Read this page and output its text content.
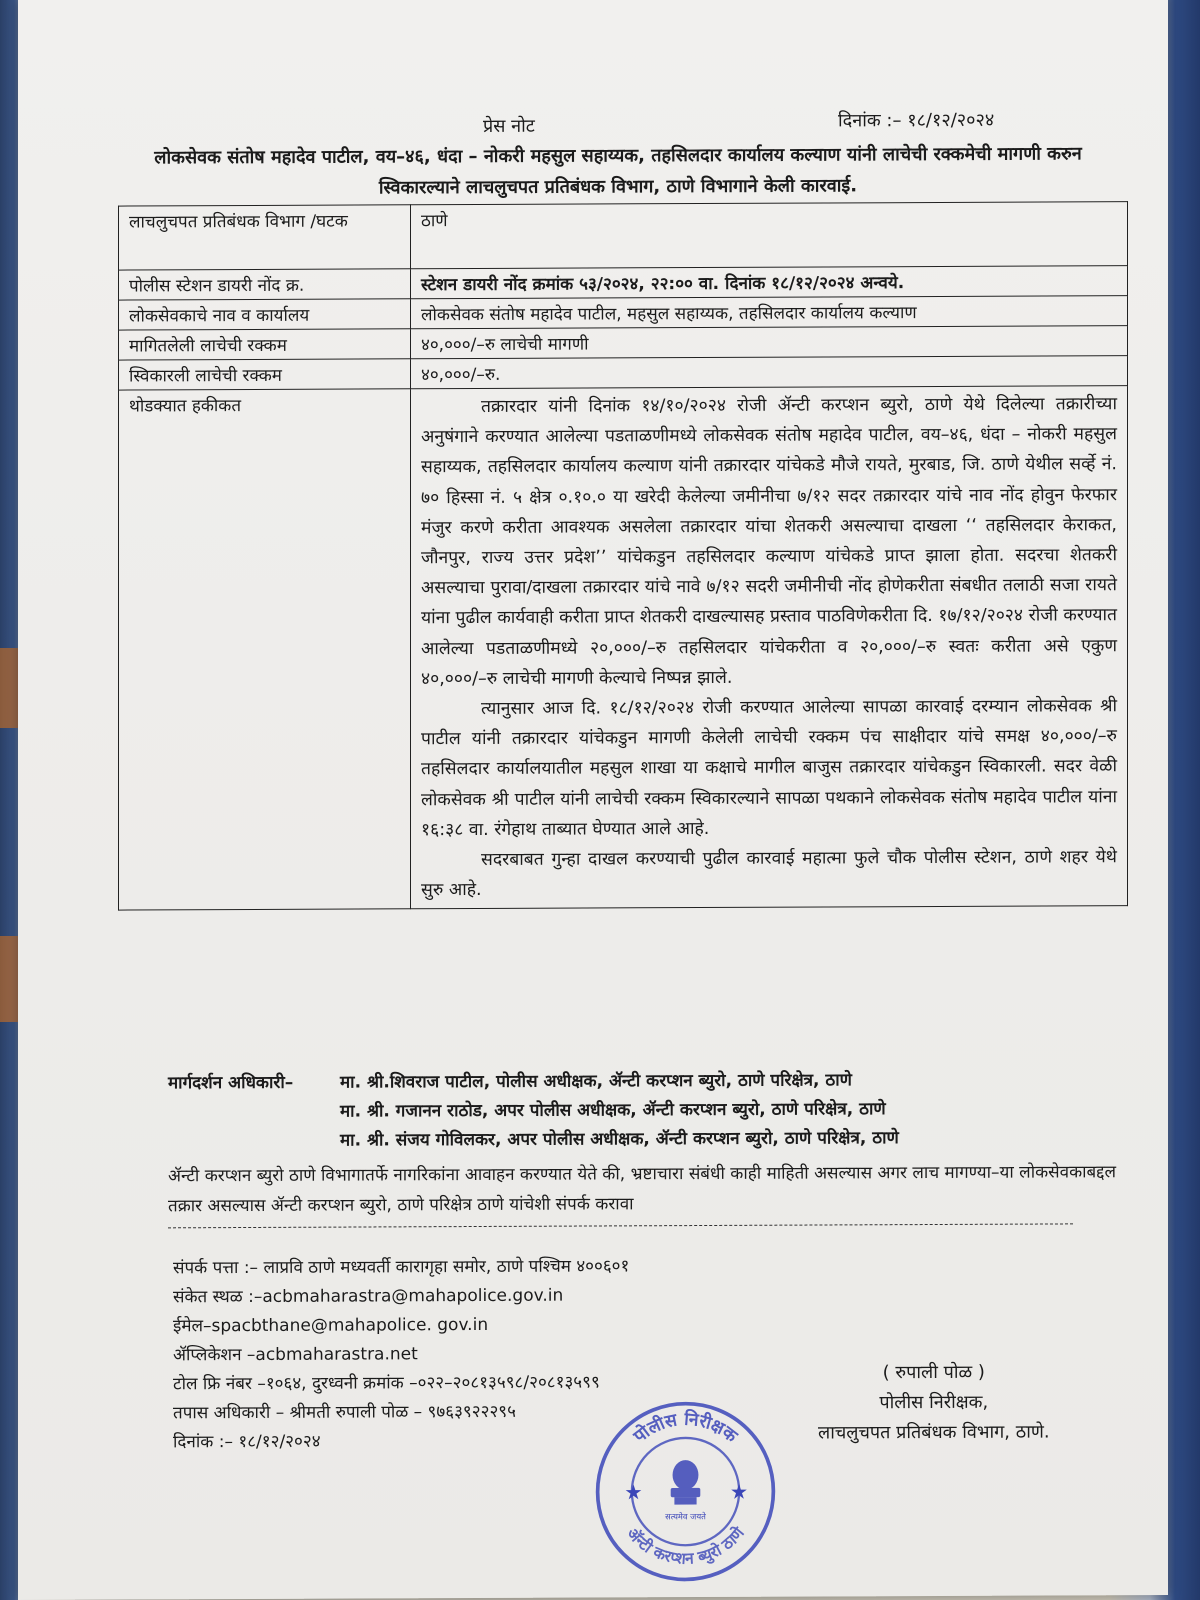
प्रेस नोट	दिनांक :– १८/१२/२०२४
लोकसेवक संतोष महादेव पाटील, वय–४६, धंदा – नोकरी महसुल सहाय्यक, तहसिलदार कार्यालय कल्याण यांनी लाचेची रक्कमेची मागणी करुन स्विकारल्याने लाचलुचपत प्रतिबंधक विभाग, ठाणे विभागाने केली कारवाई.
लाचलुचपत प्रतिबंधक विभाग /घटक	ठाणे
पोलीस स्टेशन डायरी नोंद क्र.	स्टेशन डायरी नोंद क्रमांक ५३/२०२४, २२:०० वा. दिनांक १८/१२/२०२४ अन्वये.
लोकसेवकाचे नाव व कार्यालय	लोकसेवक संतोष महादेव पाटील, महसुल सहाय्यक, तहसिलदार कार्यालय कल्याण
मागितलेली लाचेची रक्कम	४०,०००/–रु लाचेची मागणी
स्विकारली लाचेची रक्कम	४०,०००/–रु.
थोडक्यात हकीकत	तक्रारदार यांनी दिनांक १४/१०/२०२४ रोजी ॲन्टी करप्शन ब्युरो, ठाणे येथे दिलेल्या तक्रारीच्या अनुषंगाने करण्यात आलेल्या पडताळणीमध्ये लोकसेवक संतोष महादेव पाटील, वय–४६, धंदा – नोकरी महसुल सहाय्यक, तहसिलदार कार्यालय कल्याण यांनी तक्रारदार यांचेकडे मौजे रायते, मुरबाड, जि. ठाणे येथील सर्व्हे नं. ७० हिस्सा नं. ५ क्षेत्र ०.१०.० या खरेदी केलेल्या जमीनीचा ७/१२ सदर तक्रारदार यांचे नाव नोंद होवुन फेरफार मंजुर करणे करीता आवश्यक असलेला तक्रारदार यांचा शेतकरी असल्याचा दाखला ‘‘ तहसिलदार केराकत, जौनपुर, राज्य उत्तर प्रदेश’’ यांचेकडुन तहसिलदार कल्याण यांचेकडे प्राप्त झाला होता. सदरचा शेतकरी असल्याचा पुरावा/दाखला तक्रारदार यांचे नावे ७/१२ सदरी जमीनीची नोंद होणेकरीता संबधीत तलाठी सजा रायते यांना पुढील कार्यवाही करीता प्राप्त शेतकरी दाखल्यासह प्रस्ताव पाठविणेकरीता दि. १७/१२/२०२४ रोजी करण्यात आलेल्या पडताळणीमध्ये २०,०००/–रु तहसिलदार यांचेकरीता व २०,०००/–रु स्वतः करीता असे एकुण ४०,०००/–रु लाचेची मागणी केल्याचे निष्पन्न झाले.

त्यानुसार आज दि. १८/१२/२०२४ रोजी करण्यात आलेल्या सापळा कारवाई दरम्यान लोकसेवक श्री पाटील यांनी तक्रारदार यांचेकडुन मागणी केलेली लाचेची रक्कम पंच साक्षीदार यांचे समक्ष ४०,०००/–रु तहसिलदार कार्यालयातील महसुल शाखा या कक्षाचे मागील बाजुस तक्रारदार यांचेकडुन स्विकारली. सदर वेळी लोकसेवक श्री पाटील यांनी लाचेची रक्कम स्विकारल्याने सापळा पथकाने लोकसेवक संतोष महादेव पाटील यांना १६:३८ वा. रंगेहाथ ताब्यात घेण्यात आले आहे.

सदरबाबत गुन्हा दाखल करण्याची पुढील कारवाई महात्मा फुले चौक पोलीस स्टेशन, ठाणे शहर येथे सुरु आहे.

मार्गदर्शन अधिकारी–	मा. श्री.शिवराज पाटील, पोलीस अधीक्षक, ॲन्टी करप्शन ब्युरो, ठाणे परिक्षेत्र, ठाणे
मा. श्री. गजानन राठोड, अपर पोलीस अधीक्षक, ॲन्टी करप्शन ब्युरो, ठाणे परिक्षेत्र, ठाणे
मा. श्री. संजय गोविलकर, अपर पोलीस अधीक्षक, ॲन्टी करप्शन ब्युरो, ठाणे परिक्षेत्र, ठाणे
ॲन्टी करप्शन ब्युरो ठाणे विभागातर्फे नागरिकांना आवाहन करण्यात येते की, भ्रष्टाचारा संबंधी काही माहिती असल्यास अगर लाच मागण्या–या लोकसेवकाबद्दल तक्रार असल्यास ॲन्टी करप्शन ब्युरो, ठाणे परिक्षेत्र ठाणे यांचेशी संपर्क करावा
संपर्क पत्ता :– लाप्रवि ठाणे मध्यवर्ती कारागृहा समोर, ठाणे पश्चिम ४००६०१
संकेत स्थळ :–acbmaharastra@mahapolice.gov.in
ईमेल–spacbthane@mahapolice. gov.in
ॲप्लिकेशन –acbmaharastra.net
टोल फ्रि नंबर –१०६४, दुरध्वनी क्रमांक –०२२–२०८१३५९८/२०८१३५९९
तपास अधिकारी – श्रीमती रुपाली पोळ – ९७६३९२२२९५
दिनांक :– १८/१२/२०२४
( रुपाली पोळ )
पोलीस निरीक्षक,
लाचलुचपत प्रतिबंधक विभाग, ठाणे.
पोलीस निरीक्षक
ॲन्टी करप्शन ब्युरो ठाणे
★	★
सत्यमेव जयते
